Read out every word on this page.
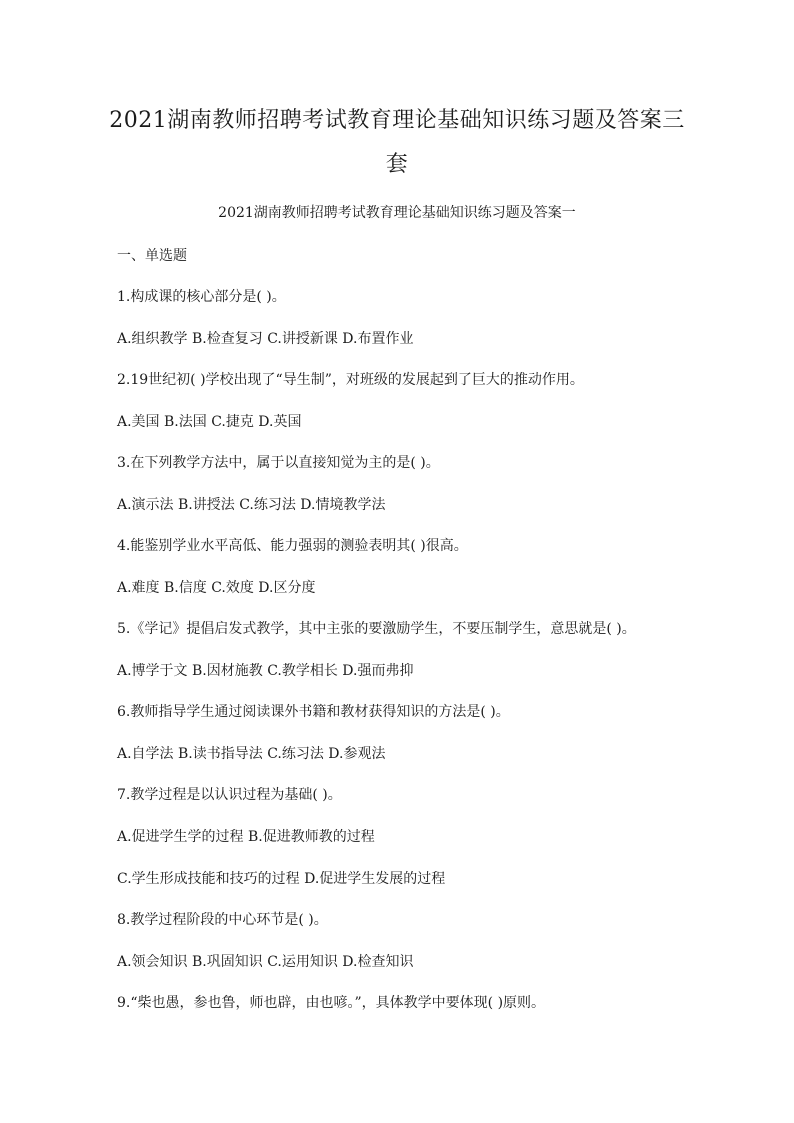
2021湖南教师招聘考试教育理论基础知识练习题及答案三
套
2021湖南教师招聘考试教育理论基础知识练习题及答案一
一、单选题
1.构成课的核心部分是( )。
A.组织教学 B.检查复习 C.讲授新课 D.布置作业
2.19世纪初( )学校出现了“导生制”，对班级的发展起到了巨大的推动作用。
A.美国 B.法国 C.捷克 D.英国
3.在下列教学方法中，属于以直接知觉为主的是( )。
A.演示法 B.讲授法 C.练习法 D.情境教学法
4.能鉴别学业水平高低、能力强弱的测验表明其( )很高。
A.难度 B.信度 C.效度 D.区分度
5.《学记》提倡启发式教学，其中主张的要激励学生，不要压制学生，意思就是( )。
A.博学于文 B.因材施教 C.教学相长 D.强而弗抑
6.教师指导学生通过阅读课外书籍和教材获得知识的方法是( )。
A.自学法 B.读书指导法 C.练习法 D.参观法
7.教学过程是以认识过程为基础( )。
A.促进学生学的过程 B.促进教师教的过程
C.学生形成技能和技巧的过程 D.促进学生发展的过程
8.教学过程阶段的中心环节是( )。
A.领会知识 B.巩固知识 C.运用知识 D.检查知识
9.“柴也愚，参也鲁，师也辟，由也喭。”，具体教学中要体现( )原则。
